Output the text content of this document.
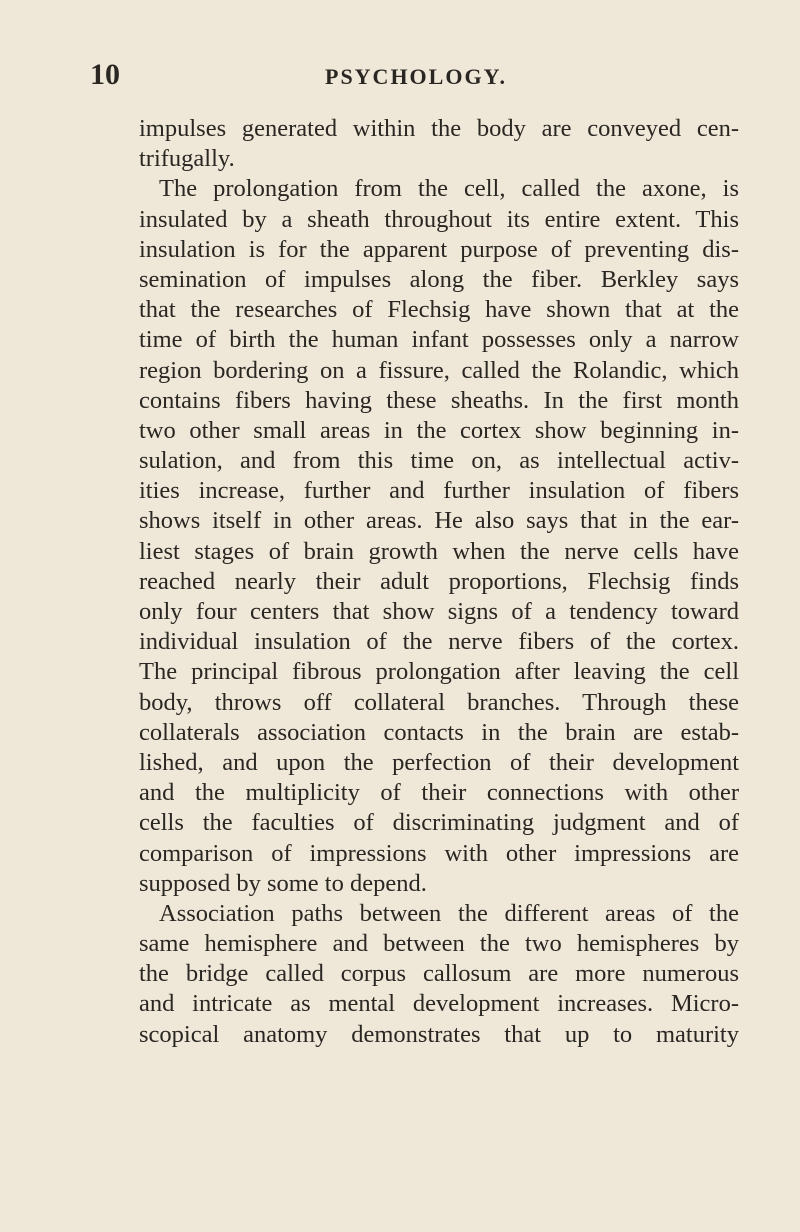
10	PSYCHOLOGY.
impulses generated within the body are conveyed cen-
trifugally.
The prolongation from the cell, called the axone, is
insulated by a sheath throughout its entire extent. This
insulation is for the apparent purpose of preventing dis-
semination of impulses along the fiber. Berkley says
that the researches of Flechsig have shown that at the
time of birth the human infant possesses only a narrow
region bordering on a fissure, called the Rolandic, which
contains fibers having these sheaths. In the first month
two other small areas in the cortex show beginning in-
sulation, and from this time on, as intellectual activ-
ities increase, further and further insulation of fibers
shows itself in other areas. He also says that in the ear-
liest stages of brain growth when the nerve cells have
reached nearly their adult proportions, Flechsig finds
only four centers that show signs of a tendency toward
individual insulation of the nerve fibers of the cortex.
The principal fibrous prolongation after leaving the cell
body, throws off collateral branches. Through these
collaterals association contacts in the brain are estab-
lished, and upon the perfection of their development
and the multiplicity of their connections with other
cells the faculties of discriminating judgment and of
comparison of impressions with other impressions are
supposed by some to depend.
Association paths between the different areas of the
same hemisphere and between the two hemispheres by
the bridge called corpus callosum are more numerous
and intricate as mental development increases. Micro-
scopical anatomy demonstrates that up to maturity
